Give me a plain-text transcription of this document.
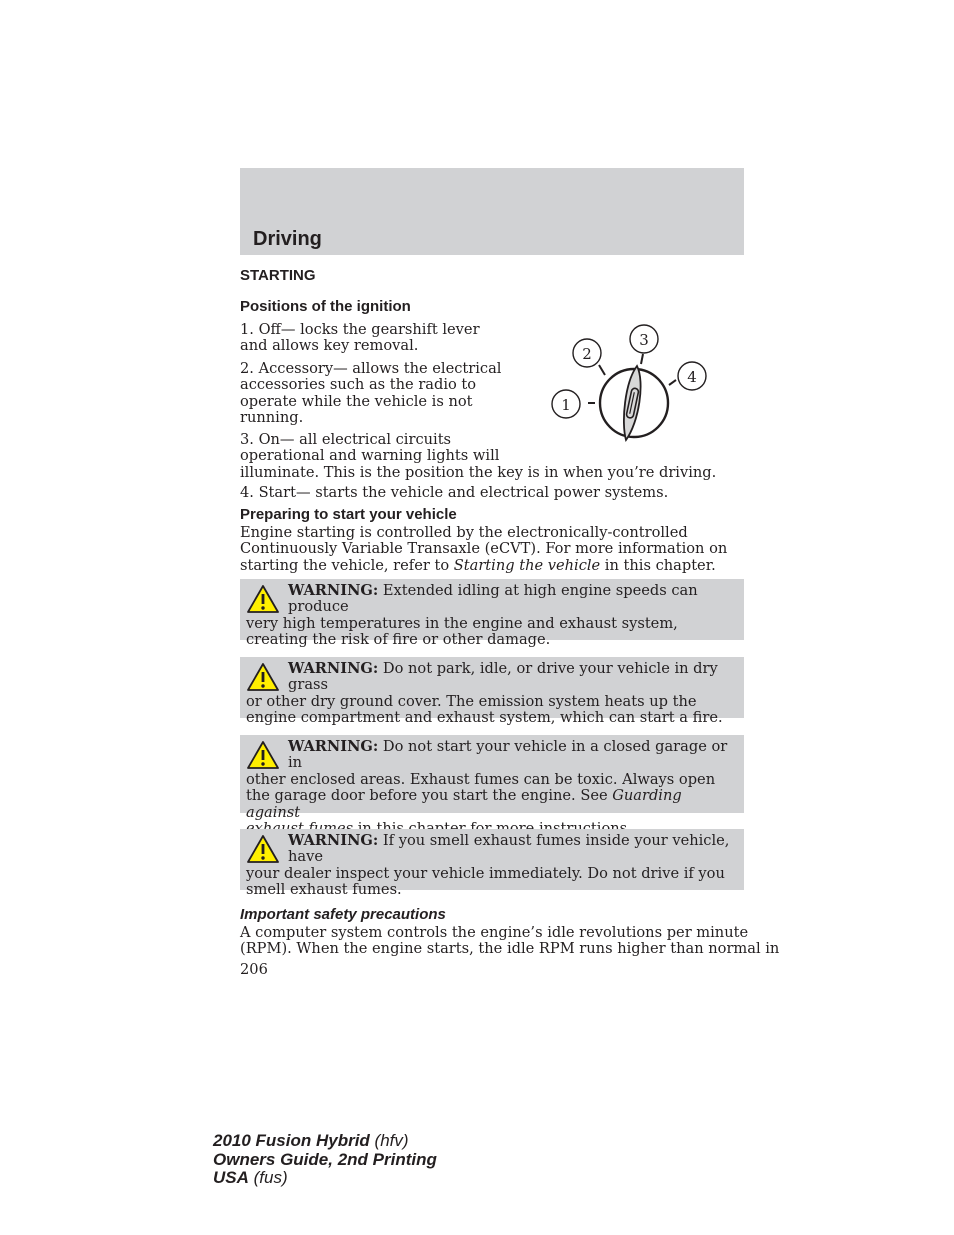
Driving
STARTING
Positions of the ignition

1. Off— locks the gearshift lever
and allows key removal.

2. Accessory— allows the electrical
accessories such as the radio to
operate while the vehicle is not
running.

3. On— all electrical circuits
operational and warning lights will
illuminate. This is the position the key is in when you’re driving.

4. Start— starts the vehicle and electrical power systems.

1
2
3
4
Preparing to start your vehicle

Engine starting is controlled by the electronically-controlled
Continuously Variable Transaxle (eCVT). For more information on
starting the vehicle, refer to Starting the vehicle in this chapter.

WARNING: Extended idling at high engine speeds can produce
very high temperatures in the engine and exhaust system,
creating the risk of fire or other damage.

WARNING: Do not park, idle, or drive your vehicle in dry grass
or other dry ground cover. The emission system heats up the
engine compartment and exhaust system, which can start a fire.

WARNING: Do not start your vehicle in a closed garage or in
other enclosed areas. Exhaust fumes can be toxic. Always open
the garage door before you start the engine. See Guarding against

WARNING: If you smell exhaust fumes inside your vehicle, have
your dealer inspect your vehicle immediately. Do not drive if you
smell exhaust fumes.

Important safety precautions

A computer system controls the engine’s idle revolutions per minute
(RPM). When the engine starts, the idle RPM runs higher than normal in

206
2010 Fusion Hybrid (hfv)
Owners Guide, 2nd Printing
USA (fus)
